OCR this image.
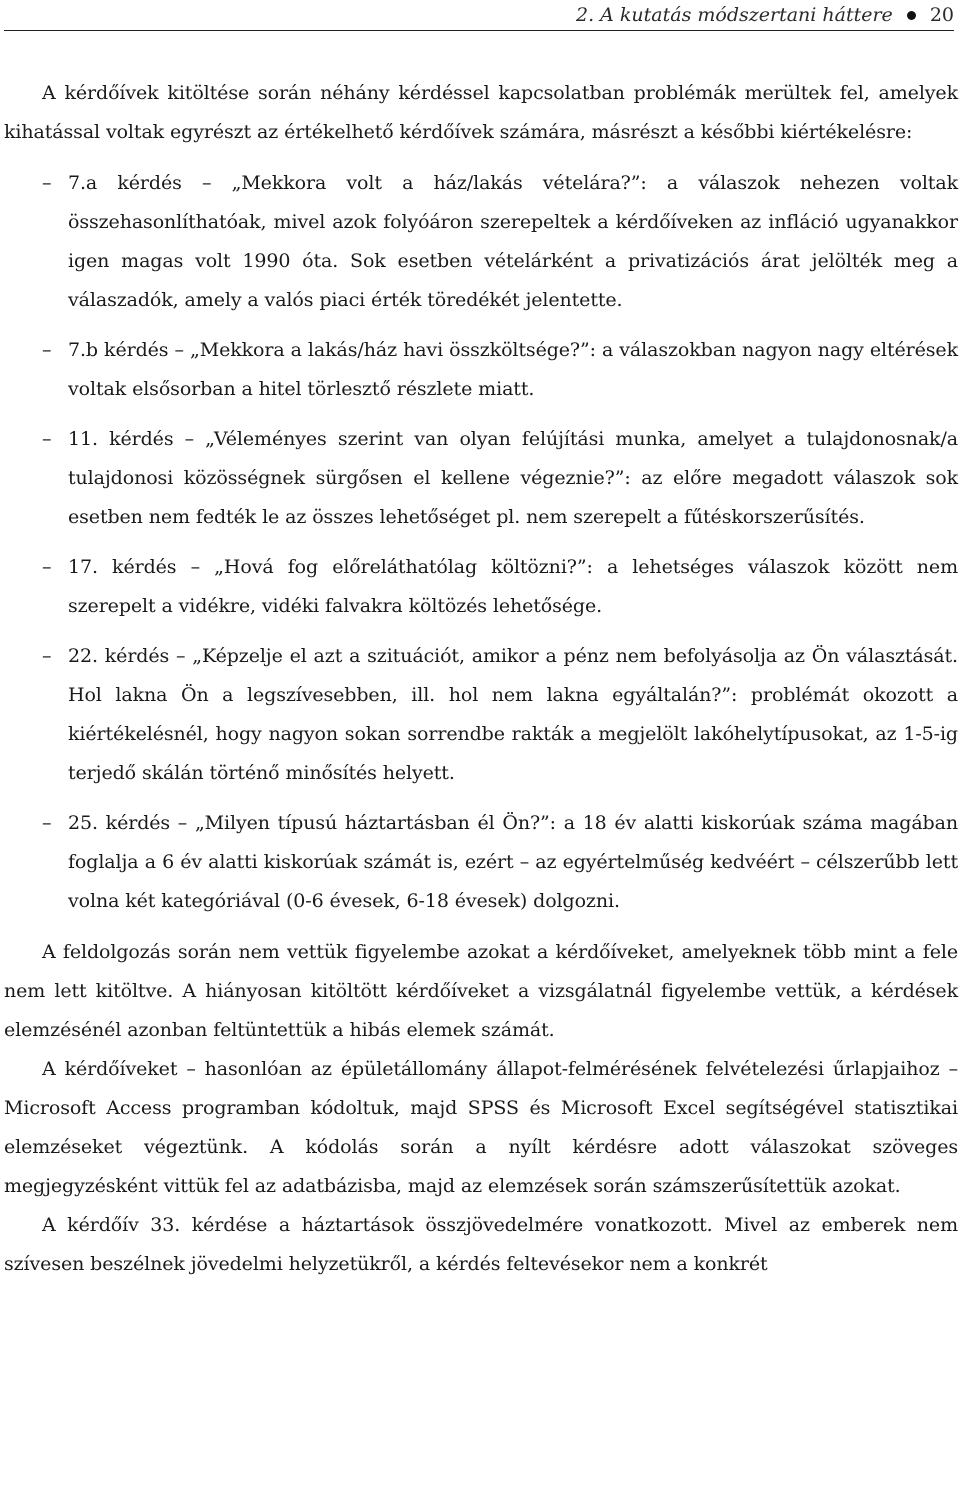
2. A kutatás módszertani háttere 20

A kérdőívek kitöltése során néhány kérdéssel kapcsolatban problémák merültek fel, amelyek kihatással voltak egyrészt az értékelhető kérdőívek számára, másrészt a későbbi kiértékelésre:

– 7.a kérdés – „Mekkora volt a ház/lakás vételára?”: a válaszok nehezen voltak összehasonlíthatóak, mivel azok folyóáron szerepeltek a kérdőíveken az infláció ugyanakkor igen magas volt 1990 óta. Sok esetben vételárként a privatizációs árat jelölték meg a válaszadók, amely a valós piaci érték töredékét jelentette.
– 7.b kérdés – „Mekkora a lakás/ház havi összköltsége?”: a válaszokban nagyon nagy eltérések voltak elsősorban a hitel törlesztő részlete miatt.
– 11. kérdés – „Véleményes szerint van olyan felújítási munka, amelyet a tulajdonosnak/a tulajdonosi közösségnek sürgősen el kellene végeznie?”: az előre megadott válaszok sok esetben nem fedték le az összes lehetőséget pl. nem szerepelt a fűtéskorszerűsítés.
– 17. kérdés – „Hová fog előreláthatólag költözni?”: a lehetséges válaszok között nem szerepelt a vidékre, vidéki falvakra költözés lehetősége.
– 22. kérdés – „Képzelje el azt a szituációt, amikor a pénz nem befolyásolja az Ön választását. Hol lakna Ön a legszívesebben, ill. hol nem lakna egyáltalán?”: problémát okozott a kiértékelésnél, hogy nagyon sokan sorrendbe rakták a megjelölt lakóhelytípusokat, az 1-5-ig terjedő skálán történő minősítés helyett.
– 25. kérdés – „Milyen típusú háztartásban él Ön?”: a 18 év alatti kiskorúak száma magában foglalja a 6 év alatti kiskorúak számát is, ezért – az egyértelműség kedvéért – célszerűbb lett volna két kategóriával (0-6 évesek, 6-18 évesek) dolgozni.

A feldolgozás során nem vettük figyelembe azokat a kérdőíveket, amelyeknek több mint a fele nem lett kitöltve. A hiányosan kitöltött kérdőíveket a vizsgálatnál figyelembe vettük, a kérdések elemzésénél azonban feltüntettük a hibás elemek számát.

A kérdőíveket – hasonlóan az épületállomány állapot-felmérésének felvételezési űrlapjaihoz – Microsoft Access programban kódoltuk, majd SPSS és Microsoft Excel segítségével statisztikai elemzéseket végeztünk. A kódolás során a nyílt kérdésre adott válaszokat szöveges megjegyzésként vittük fel az adatbázisba, majd az elemzések során számszerűsítettük azokat.

A kérdőív 33. kérdése a háztartások összjövedelmére vonatkozott. Mivel az emberek nem szívesen beszélnek jövedelmi helyzetükről, a kérdés feltevésekor nem a konkrét
